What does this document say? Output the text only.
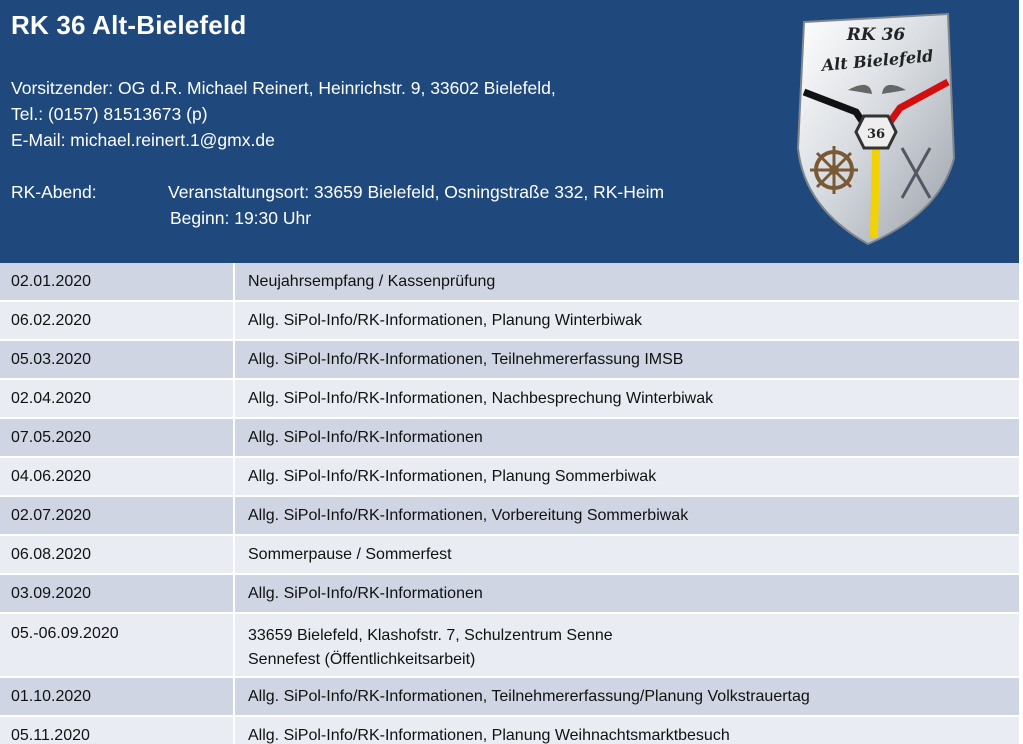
RK 36 Alt-Bielefeld
Vorsitzender: OG d.R. Michael Reinert, Heinrichstr. 9, 33602 Bielefeld,
Tel.: (0157) 81513673 (p)
E-Mail: michael.reinert.1@gmx.de
RK-Abend:	Veranstaltungsort: 33659 Bielefeld, Osningstraße 332, RK-Heim
Beginn: 19:30 Uhr
RK 36
Alt Bielefeld
36
02.01.2020	Neujahrsempfang / Kassenprüfung
06.02.2020	Allg. SiPol-Info/RK-Informationen, Planung Winterbiwak
05.03.2020	Allg. SiPol-Info/RK-Informationen, Teilnehmererfassung IMSB
02.04.2020	Allg. SiPol-Info/RK-Informationen, Nachbesprechung Winterbiwak
07.05.2020	Allg. SiPol-Info/RK-Informationen
04.06.2020	Allg. SiPol-Info/RK-Informationen, Planung Sommerbiwak
02.07.2020	Allg. SiPol-Info/RK-Informationen, Vorbereitung Sommerbiwak
06.08.2020	Sommerpause / Sommerfest
03.09.2020	Allg. SiPol-Info/RK-Informationen
05.-06.09.2020	33659 Bielefeld, Klashofstr. 7, Schulzentrum Senne
Sennefest (Öffentlichkeitsarbeit)
01.10.2020	Allg. SiPol-Info/RK-Informationen, Teilnehmererfassung/Planung Volkstrauertag
05.11.2020	Allg. SiPol-Info/RK-Informationen, Planung Weihnachtsmarktbesuch
